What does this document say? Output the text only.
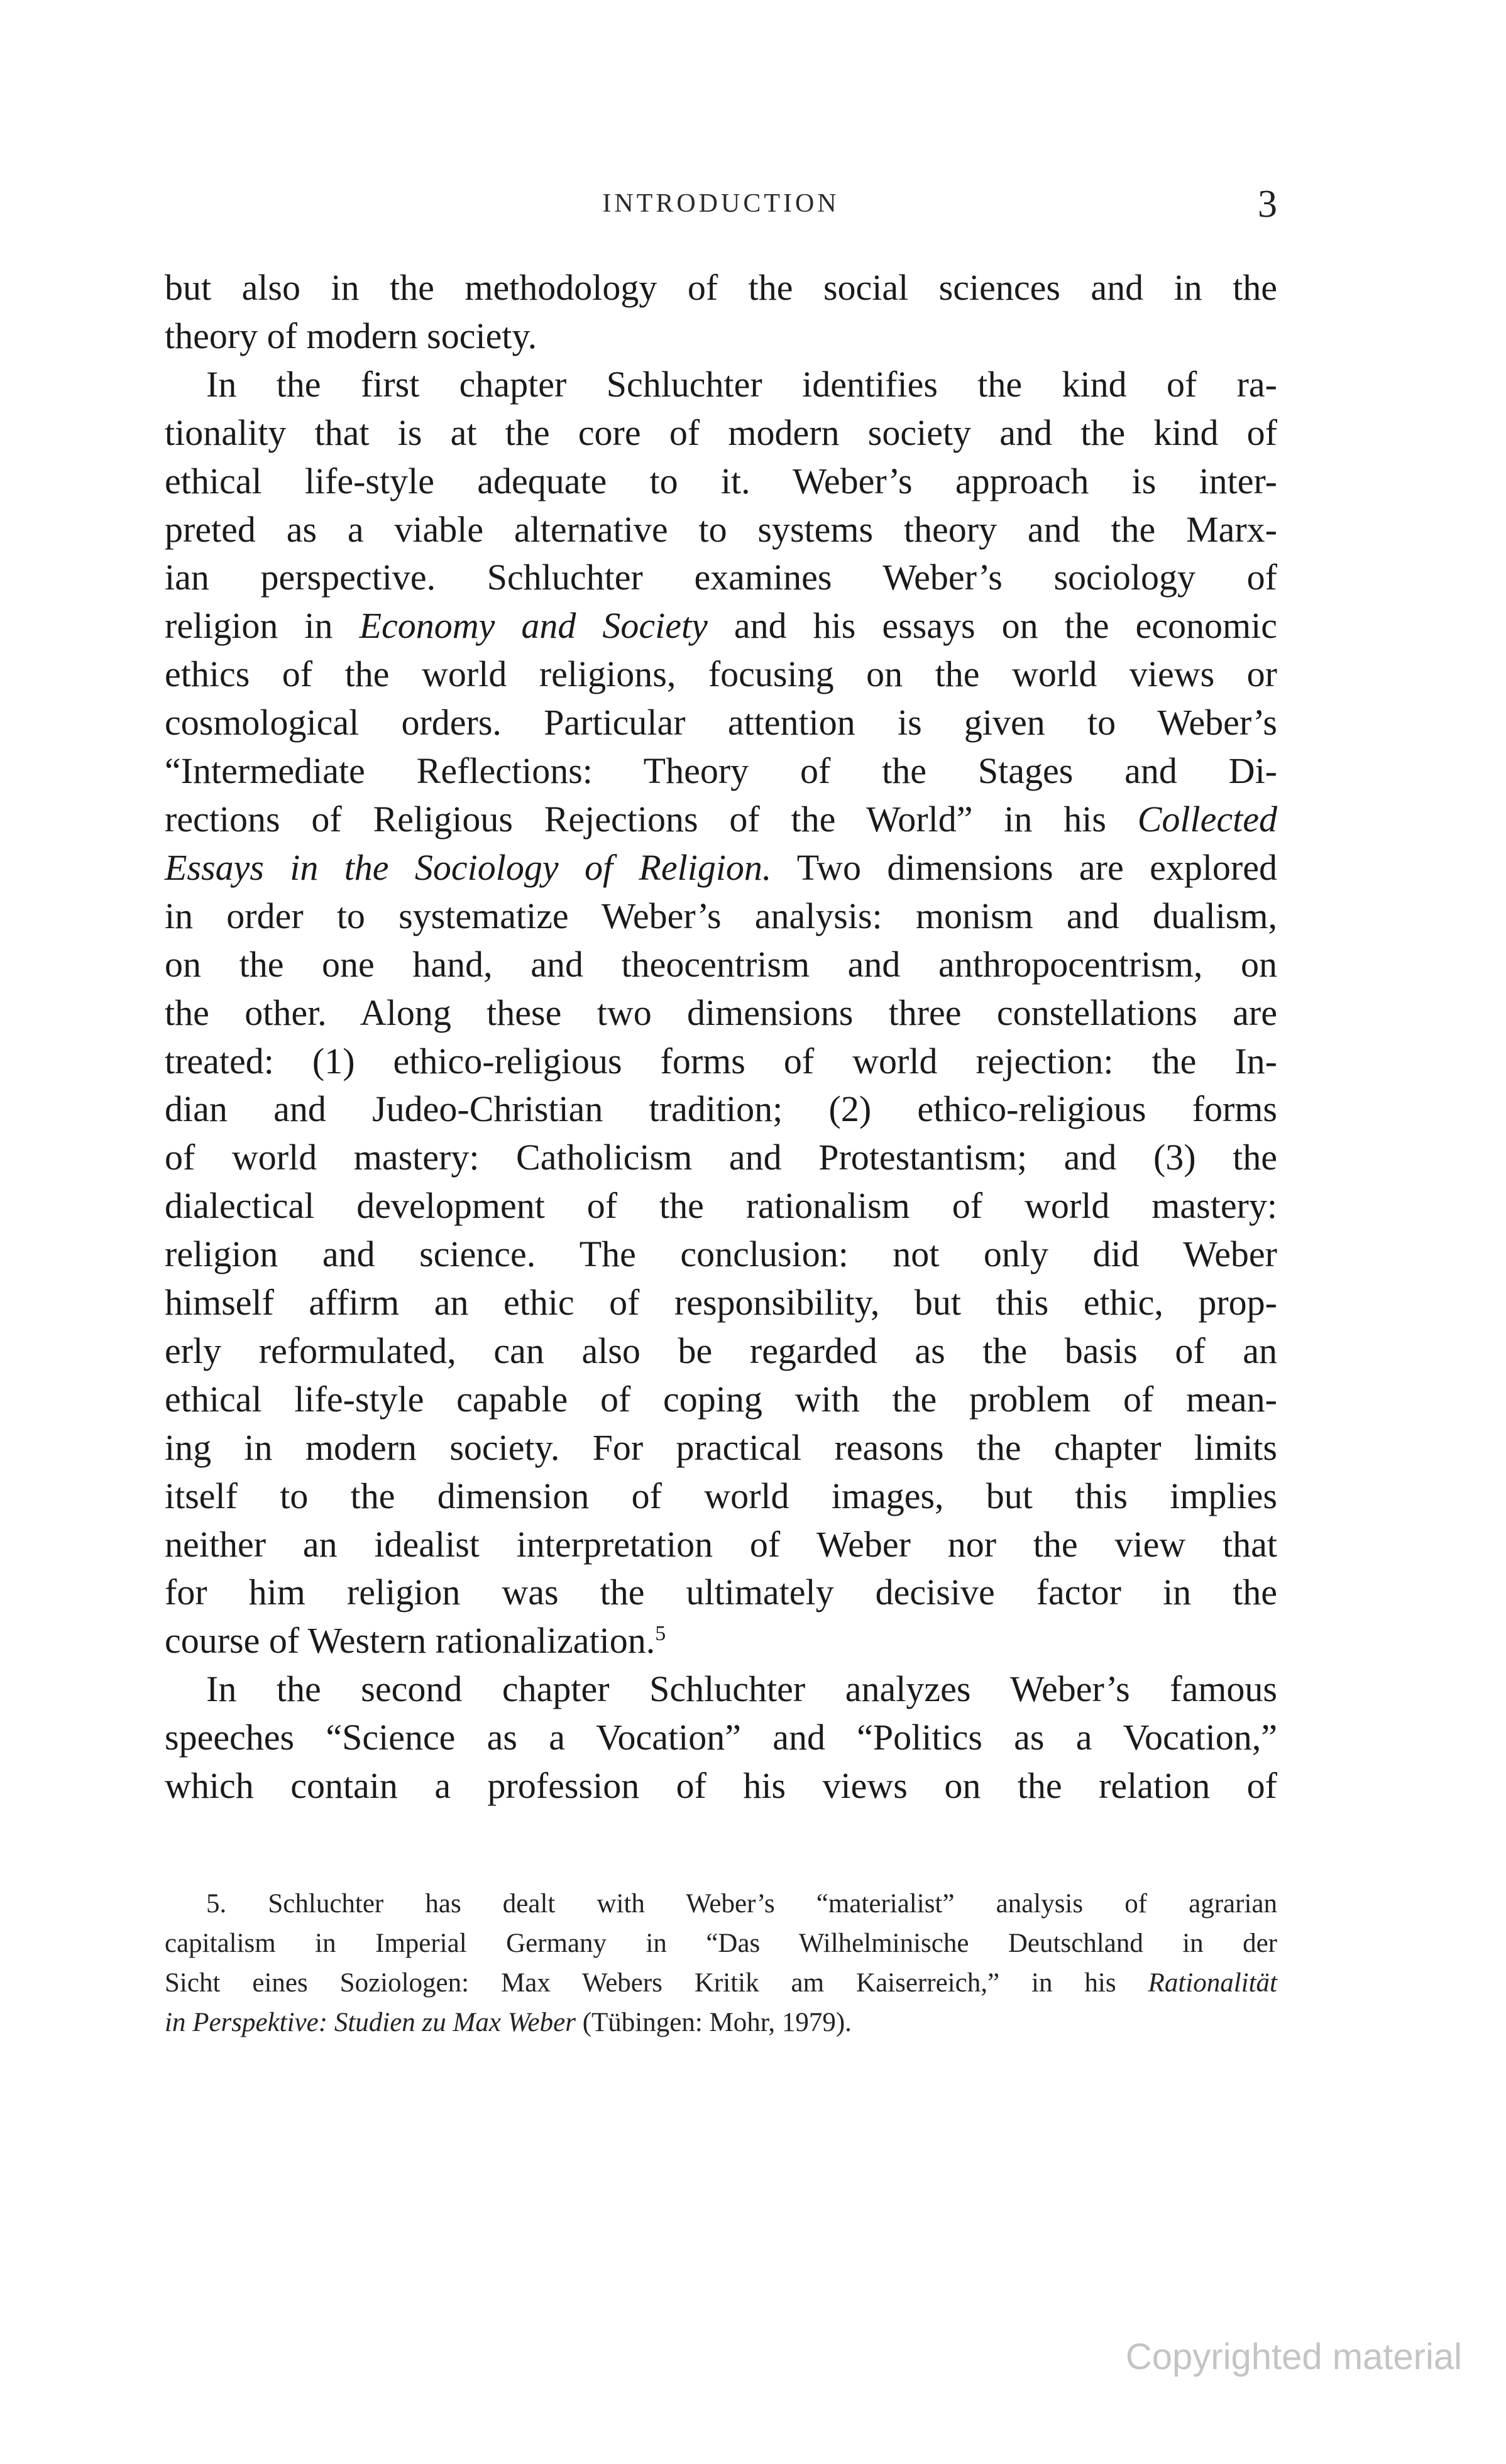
INTRODUCTION	3

but also in the methodology of the social sciences and in the
theory of modern society.

In the first chapter Schluchter identifies the kind of ra-
tionality that is at the core of modern society and the kind of
ethical life-style adequate to it. Weber’s approach is inter-
preted as a viable alternative to systems theory and the Marx-
ian perspective. Schluchter examines Weber’s sociology of
religion in Economy and Society and his essays on the economic
ethics of the world religions, focusing on the world views or
cosmological orders. Particular attention is given to Weber’s
“Intermediate Reflections: Theory of the Stages and Di-
rections of Religious Rejections of the World” in his Collected
Essays in the Sociology of Religion. Two dimensions are explored
in order to systematize Weber’s analysis: monism and dualism,
on the one hand, and theocentrism and anthropocentrism, on
the other. Along these two dimensions three constellations are
treated: (1) ethico-religious forms of world rejection: the In-
dian and Judeo-Christian tradition; (2) ethico-religious forms
of world mastery: Catholicism and Protestantism; and (3) the
dialectical development of the rationalism of world mastery:
religion and science. The conclusion: not only did Weber
himself affirm an ethic of responsibility, but this ethic, prop-
erly reformulated, can also be regarded as the basis of an
ethical life-style capable of coping with the problem of mean-
ing in modern society. For practical reasons the chapter limits
itself to the dimension of world images, but this implies
neither an idealist interpretation of Weber nor the view that
for him religion was the ultimately decisive factor in the
course of Western rationalization.$^5$

In the second chapter Schluchter analyzes Weber’s famous
speeches “Science as a Vocation” and “Politics as a Vocation,”
which contain a profession of his views on the relation of

5. Schluchter has dealt with Weber’s “materialist” analysis of agrarian
capitalism in Imperial Germany in “Das Wilhelminische Deutschland in der
Sicht eines Soziologen: Max Webers Kritik am Kaiserreich,” in his Rationalität
in Perspektive: Studien zu Max Weber (Tübingen: Mohr, 1979).

Copyrighted material
